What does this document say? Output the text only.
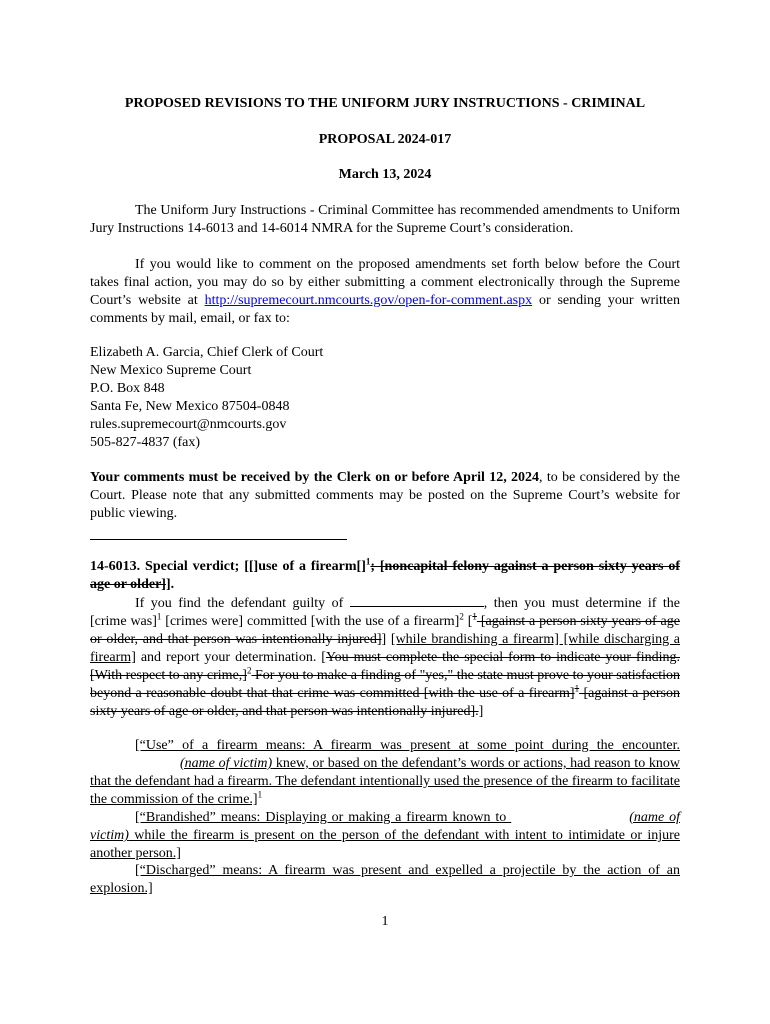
PROPOSED REVISIONS TO THE UNIFORM JURY INSTRUCTIONS - CRIMINAL
PROPOSAL 2024-017
March 13, 2024
The Uniform Jury Instructions - Criminal Committee has recommended amendments to Uniform Jury Instructions 14-6013 and 14-6014 NMRA for the Supreme Court’s consideration.
If you would like to comment on the proposed amendments set forth below before the Court takes final action, you may do so by either submitting a comment electronically through the Supreme Court’s website at http://supremecourt.nmcourts.gov/open-for-comment.aspx or sending your written comments by mail, email, or fax to:
Elizabeth A. Garcia, Chief Clerk of Court
New Mexico Supreme Court
P.O. Box 848
Santa Fe, New Mexico 87504-0848
rules.supremecourt@nmcourts.gov
505-827-4837 (fax)
Your comments must be received by the Clerk on or before April 12, 2024, to be considered by the Court. Please note that any submitted comments may be posted on the Supreme Court’s website for public viewing.
14-6013. Special verdict; [[]use of a firearm[]$^1$; [noncapital felony against a person sixty years of age or older]].
If you find the defendant guilty of	, then you must determine if the [crime was]$^1$ [crimes were] committed [with the use of a firearm]$^2$ [$^1$ [against a person sixty years of age or older, and that person was intentionally injured]] [while brandishing a firearm] [while discharging a firearm] and report your determination. [You must complete the special form to indicate your finding. [With respect to any crime,]$^2$ For you to make a finding of "yes," the state must prove to your satisfaction beyond a reasonable doubt that that crime was committed [with the use of a firearm]$^1$ [against a person sixty years of age or older, and that person was intentionally injured].]
[“Use” of a firearm means: A firearm was present at some point during the encounter.  (name of victim) knew, or based on the defendant’s words or actions, had reason to know that the defendant had a firearm. The defendant intentionally used the presence of the firearm to facilitate the commission of the crime.]$^1$
[“Brandished” means: Displaying or making a firearm known to	(name of victim) while the firearm is present on the person of the defendant with intent to intimidate or injure another person.]
[“Discharged” means: A firearm was present and expelled a projectile by the action of an explosion.]
1
